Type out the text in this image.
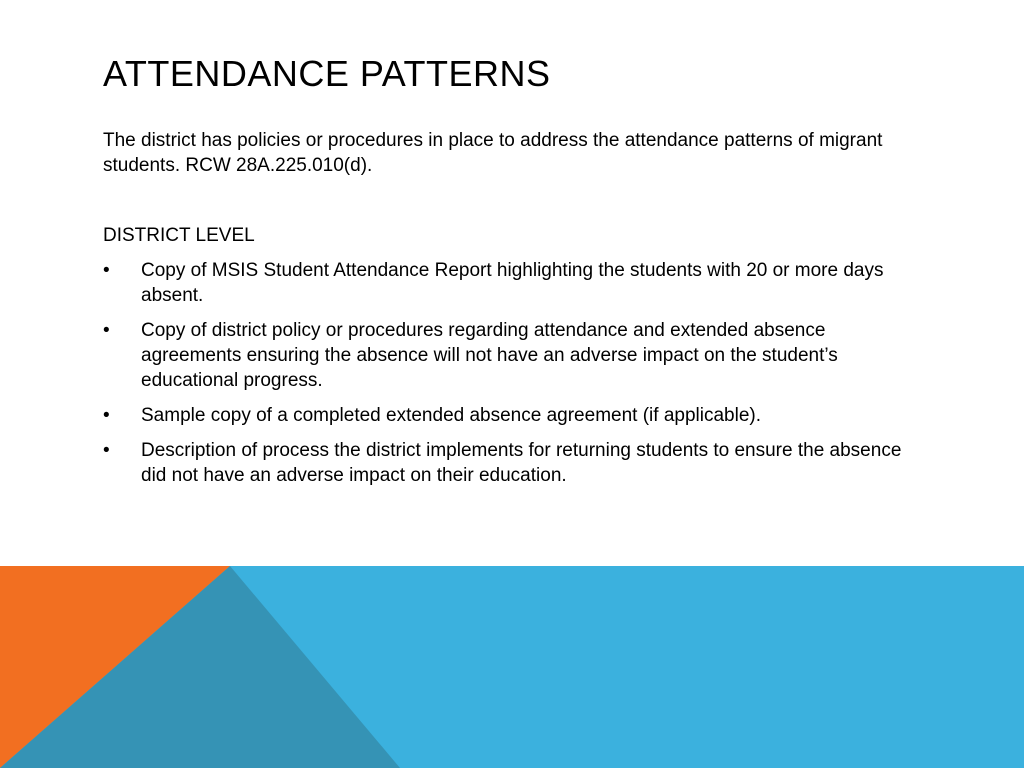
ATTENDANCE PATTERNS

The district has policies or procedures in place to address the attendance patterns of migrant students. RCW 28A.225.010(d).

DISTRICT LEVEL

• Copy of MSIS Student Attendance Report highlighting the students with 20 or more days absent.
• Copy of district policy or procedures regarding attendance and extended absence agreements ensuring the absence will not have an adverse impact on the student’s educational progress.
• Sample copy of a completed extended absence agreement (if applicable).
• Description of process the district implements for returning students to ensure the absence did not have an adverse impact on their education.
